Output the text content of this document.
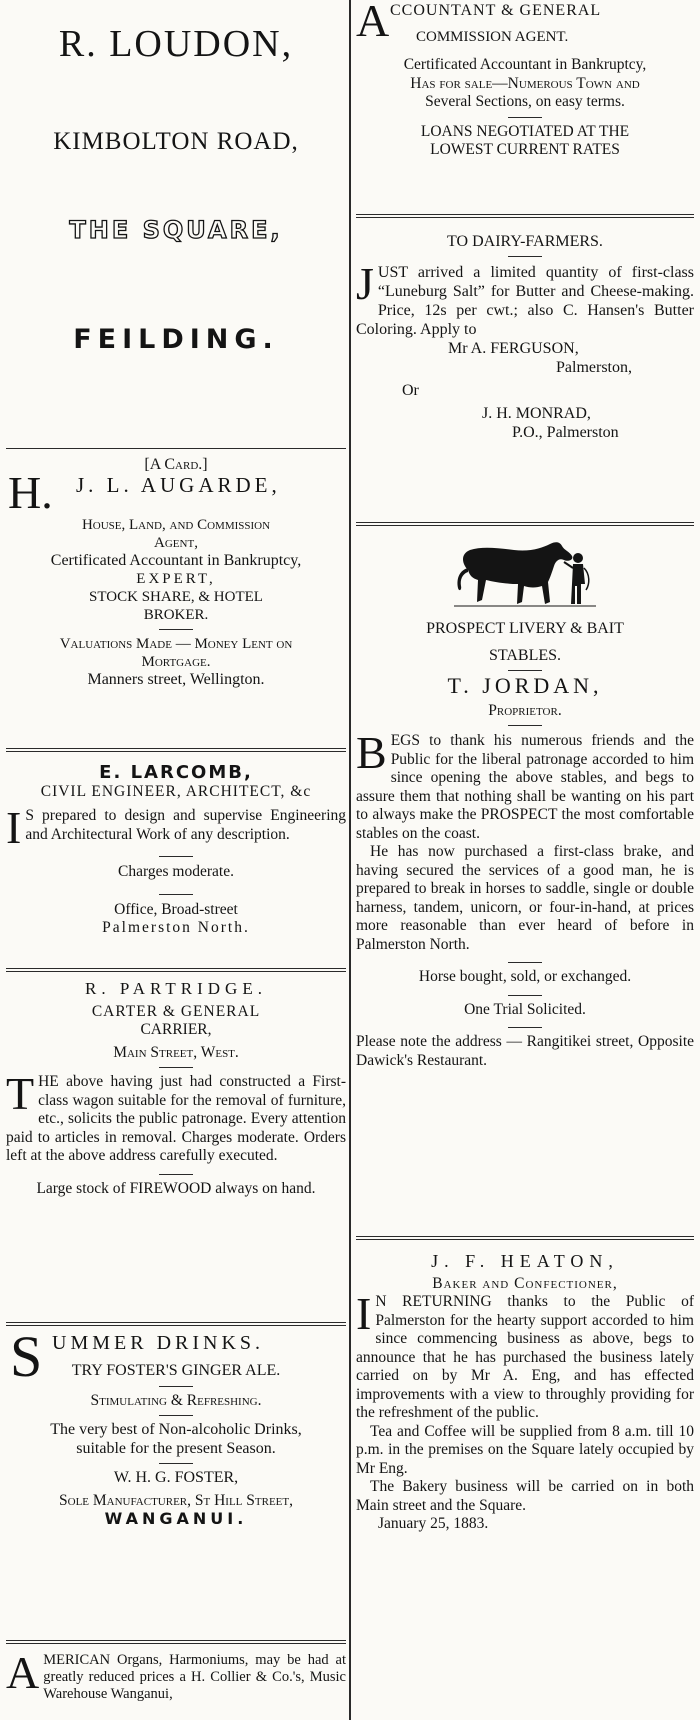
R. LOUDON,
KIMBOLTON ROAD,
THE SQUARE,
FEILDING.
[A Card.]
H. J. L. AUGARDE,
House, Land, and Commission
Agent,
Certificated Accountant in Bankruptcy,
EXPERT,
STOCK SHARE, & HOTEL
BROKER.
Valuations Made — Money Lent on
Mortgage.
Manners street, Wellington.
E. LARCOMB,
CIVIL ENGINEER, ARCHITECT, &c
I S prepared to design and supervise Engineering and Architectural Work of any description.
Charges moderate.
Office, Broad-street
Palmerston North.
R. PARTRIDGE.
CARTER & GENERAL
CARRIER,
Main Street, West.
T HE above having just had constructed a First-class wagon suitable for the removal of furniture, etc., solicits the public patronage. Every attention paid to articles in removal. Charges moderate. Orders left at the above address carefully executed.
Large stock of FIREWOOD always on hand.
S UMMER DRINKS.
TRY FOSTER'S GINGER ALE.
Stimulating & Refreshing.
The very best of Non-alcoholic Drinks, suitable for the present Season.
W. H. G. FOSTER,
Sole Manufacturer, St Hill Street,
WANGANUI.
A MERICAN Organs, Harmoniums, may be had at greatly reduced prices a H. Collier & Co.'s, Music Warehouse Wanganui,
A CCOUNTANT & GENERAL
COMMISSION AGENT.
Certificated Accountant in Bankruptcy,
Has for sale—Numerous Town and
Several Sections, on easy terms.
LOANS NEGOTIATED AT THE
LOWEST CURRENT RATES
TO DAIRY-FARMERS.
J UST arrived a limited quantity of first-class “Luneburg Salt” for Butter and Cheese-making. Price, 12s per cwt.; also C. Hansen's Butter Coloring. Apply to
Mr A. FERGUSON,
Palmerston,
Or
J. H. MONRAD,
P.O., Palmerston
PROSPECT LIVERY & BAIT
STABLES.
T. JORDAN,
Proprietor.
B EGS to thank his numerous friends and the Public for the liberal patronage accorded to him since opening the above stables, and begs to assure them that nothing shall be wanting on his part to always make the PROSPECT the most comfortable stables on the coast.
He has now purchased a first-class brake, and having secured the services of a good man, he is prepared to break in horses to saddle, single or double harness, tandem, unicorn, or four-in-hand, at prices more reasonable than ever heard of before in Palmerston North.
Horse bought, sold, or exchanged.
One Trial Solicited.
Please note the address — Rangitikei street, Opposite Dawick's Restaurant.
J. F. HEATON,
Baker and Confectioner,
I N RETURNING thanks to the Public of Palmerston for the hearty support accorded to him since commencing business as above, begs to announce that he has purchased the business lately carried on by Mr A. Eng, and has effected improvements with a view to throughly providing for the refreshment of the public.
Tea and Coffee will be supplied from 8 a.m. till 10 p.m. in the premises on the Square lately occupied by Mr Eng.
The Bakery business will be carried on in both Main street and the Square.
January 25, 1883.
